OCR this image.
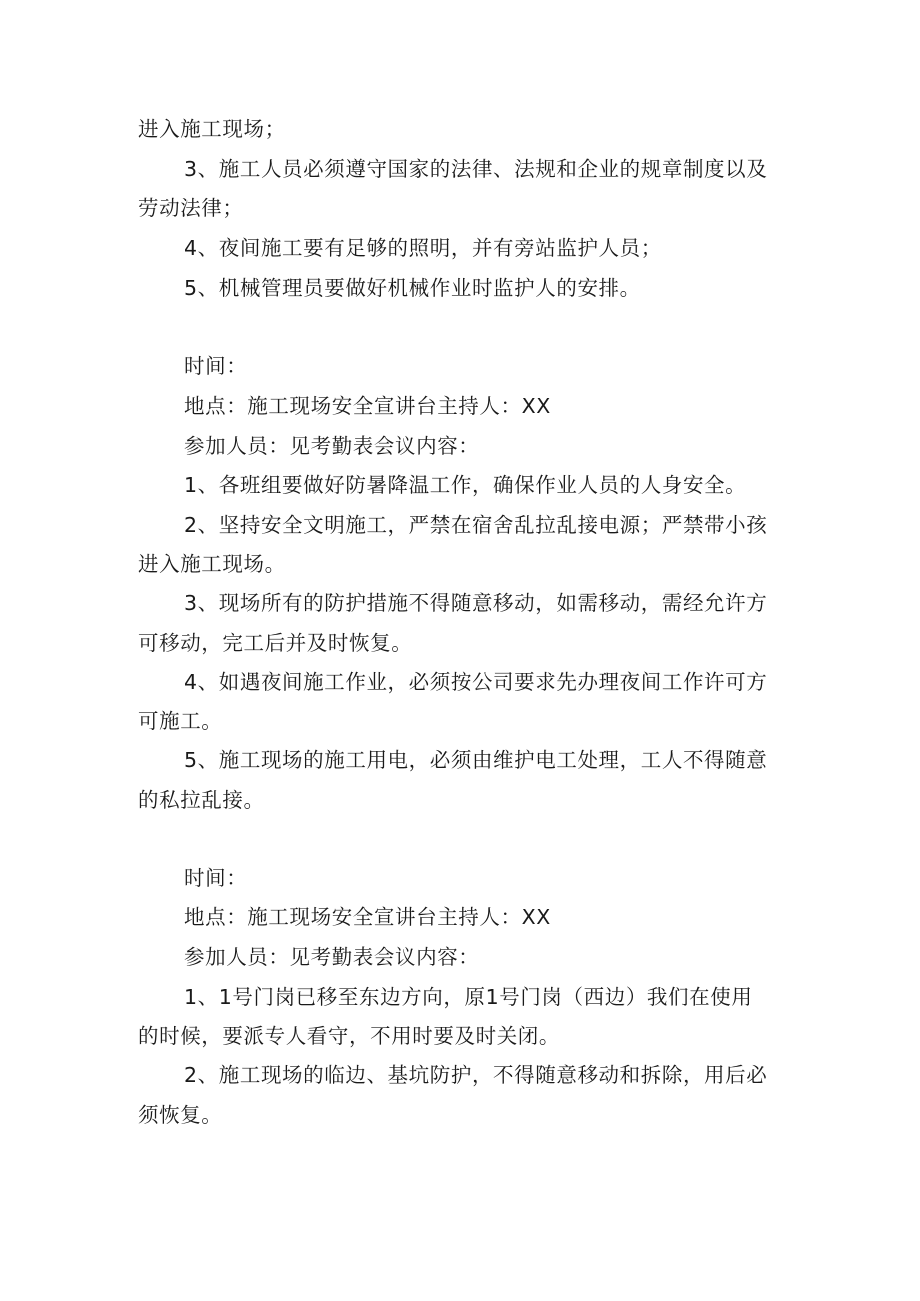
进入施工现场；
3、施工人员必须遵守国家的法律、法规和企业的规章制度以及
劳动法律；
4、夜间施工要有足够的照明，并有旁站监护人员；
5、机械管理员要做好机械作业时监护人的安排。
时间：
地点：施工现场安全宣讲台主持人：XX
参加人员：见考勤表会议内容：
1、各班组要做好防暑降温工作，确保作业人员的人身安全。
2、坚持安全文明施工，严禁在宿舍乱拉乱接电源；严禁带小孩
进入施工现场。
3、现场所有的防护措施不得随意移动，如需移动，需经允许方
可移动，完工后并及时恢复。
4、如遇夜间施工作业，必须按公司要求先办理夜间工作许可方
可施工。
5、施工现场的施工用电，必须由维护电工处理，工人不得随意
的私拉乱接。
时间：
地点：施工现场安全宣讲台主持人：XX
参加人员：见考勤表会议内容：
1、1号门岗已移至东边方向，原1号门岗（西边）我们在使用
的时候，要派专人看守，不用时要及时关闭。
2、施工现场的临边、基坑防护，不得随意移动和拆除，用后必
须恢复。
